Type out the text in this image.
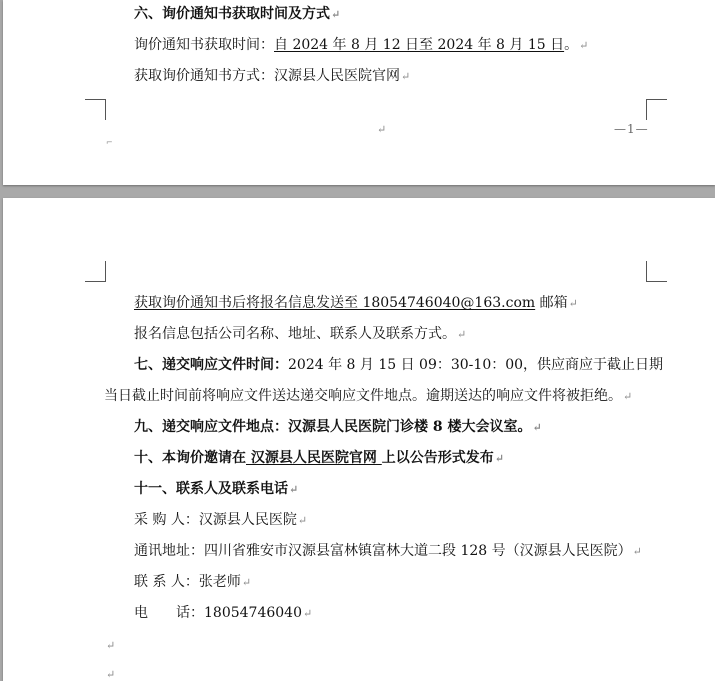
六、询价通知书获取时间及方式↵
询价通知书获取时间：自 2024 年 8 月 12 日至 2024 年 8 月 15 日。↵
获取询价通知书方式：汉源县人民医院官网↵
↵
⌐
—1—
获取询价通知书后将报名信息发送至 18054746040@163.com 邮箱↵
报名信息包括公司名称、地址、联系人及联系方式。↵
七、递交响应文件时间：2024 年 8 月 15 日 09：30-10：00，供应商应于截止日期
当日截止时间前将响应文件送达递交响应文件地点。逾期送达的响应文件将被拒绝。↵
九、递交响应文件地点：汉源县人民医院门诊楼 8 楼大会议室。↵
十、本询价邀请在 汉源县人民医院官网 上以公告形式发布↵
十一、联系人及联系电话↵
采 购 人：汉源县人民医院↵
通讯地址：四川省雅安市汉源县富林镇富林大道二段 128 号（汉源县人民医院）↵
联 系 人：张老师↵
电　　话：18054746040↵
↵
↵
